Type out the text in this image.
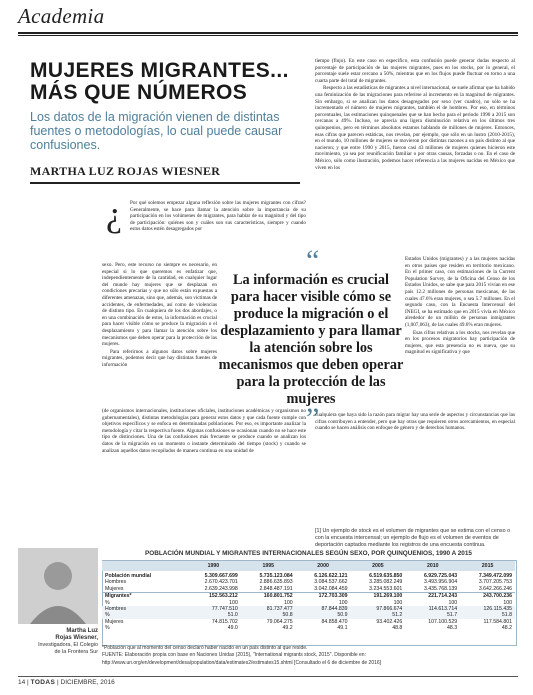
Academia
MUJERES MIGRANTES...
MÁS QUE NÚMEROS
Los datos de la migración vienen de distintas fuentes o metodologías, lo cual puede causar confusiones.
MARTHA LUZ ROJAS WIESNER
¿

tiempo (flujo). En este caso en específico, esta confusión puede generar dudas respecto al porcentaje de participación de las mujeres migrantes, pues en los stocks, por lo general, el porcentaje suele estar cercano a 50%, mientras que en los flujos puede fluctuar en torno a una cuarta parte del total de migrantes.

Respecto a las estadísticas de migrantes a nivel internacional, se suele afirmar que ha habido una feminización de las migraciones para referirse al incremento en la magnitud de migrantes. Sin embargo, si se analizan los datos desagregados por sexo (ver cuadro), no sólo se ha incrementado el número de mujeres migrantes, también el de hombres. Por eso, en términos porcentuales, las estimaciones quinquenales que se han hecho para el periodo 1990 a 2015 son cercanas a 49%. Incluso, se aprecia una ligera disminución relativa en los últimos tres quinquenios, pero en términos absolutos estamos hablando de millones de mujeres. Entonces, esas cifras que parecen estáticas, nos revelan, por ejemplo, que sólo en un lustro (2010-2015), en el mundo, 10 millones de mujeres se movieron por distintas razones a un país distinto al que nacieron; y que entre 1990 y 2015, fueron casi 43 millones de mujeres quienes hicieron este movimiento, ya sea por reunificación familiar o por otras causas, forzadas o no. En el caso de México, sólo como ilustración, podemos hacer referencia a las mujeres nacidas en México que viven en los

Por qué solemos empezar alguna reflexión sobre las mujeres migrantes con cifras? Generalmente, se hace para llamar la atención sobre la importancia de su participación en los volúmenes de migrantes, para hablar de su magnitud y del tipo de participación: quiénes son y cuáles son sus características, siempre y cuando estos datos estén desagregados por

sexo. Pero, este recurso no siempre es necesario, en especial si lo que queremos es enfatizar que, independientemente de la cantidad, en cualquier lugar del mundo hay mujeres que se desplazan en condiciones precarias y que no sólo están expuestas a diferentes amenazas, sino que, además, son víctimas de accidentes, de enfermedades, así como de violencias de distinto tipo. En cualquiera de los dos abordajes, o en una combinación de estos, la información es crucial para hacer visible cómo se produce la migración o el desplazamiento y para llamar la atención sobre los mecanismos que deben operar para la protección de las mujeres.

Para referirnos a algunos datos sobre mujeres migrantes, podemos decir que hay distintas fuentes de información

“
La información es crucial para hacer visible cómo se produce la migración o el desplazamiento y para llamar la atención sobre los mecanismos que deben operar para la protección de las mujeres
”

Estados Unidos (migrantes) y a las mujeres nacidas en otros países que residen en territorio mexicano. En el primer caso, con estimaciones de la Current Population Survey, de la Oficina del Censo de los Estados Unidos, se sabe que para 2015 vivían en ese país 12.2 millones de personas mexicanas, de las cuales 47.6% eran mujeres, o sea 5.7 millones. En el segundo caso, con la Encuesta Intercensal del INEGI, se ha estimado que en 2015 vivía en México alrededor de un millón de personas inmigrantes (1,007,063), de las cuales 49.6% eran mujeres.

Esas cifras relativas a los stocks, nos revelan que en los procesos migratorios hay participación de mujeres, que esta presencia no es nueva, que su magnitud es significativa y que

(de organismos internacionales, instituciones oficiales, instituciones académicas y organismos no gubernamentales), distintas metodologías para generar estos datos y que cada fuente cumple con objetivos específicos y se enfoca en determinadas poblaciones. Por eso, es importante analizar la metodología y citar la respectiva fuente. Algunas confusiones se ocasionan cuando no se hace este tipo de distinciones. Una de las confusiones más frecuente se produce cuando se analizan los datos de la migración en un momento o instante determinado del tiempo (stock) y cuando se analizan aquellos datos recopilados de manera continua en una unidad de

cualquiera que haya sido la razón para migrar hay una serie de aspectos y circunstancias que las cifras contribuyen a entender, pero que hay otras que requieren otros acercamientos, en especial cuando se hacen análisis con enfoque de género y de derechos humanos.

[1] Un ejemplo de stock es el volumen de migrantes que se estima con el censo o con la encuesta intercensal; un ejemplo de flujo es el volumen de eventos de deportación captados mediante los registros de una encuesta continua.
POBLACIÓN MUNDIAL Y MIGRANTES INTERNACIONALES SEGÚN SEXO, POR QUINQUENIOS, 1990 A 2015
	1990	1995	2000	2005	2010	2015
Población mundial	5.309.667.699	5.735.123.084	6.126.622.121	6.519.635.850	6.929.725.043	7.349.472.099
Hombres	2.670.423.701	2.886.635.893	3.084.537.662	3.285.082.249	3.493.956.904	3.707.205.753
Mujeres	2.639.243.998	2.848.487.191	3.042.084.459	3.234.553.601	3.435.768.139	3.642.266.246
Migrantes*	152.563.212	160.801.752	172.703.309	191.269.100	221.714.243	243.700.236
%	100	100	100	100	100	100
Hombres	77.747.510	81.737.477	87.844.839	97.866.674	114.613.714	126.115.435
%	51.0	50.8	50.9	51.2	51.7	51.8
Mujeres	74.815.702	79.064.275	84.858.470	93.402.426	107.100.529	117.584.801
%	49.0	49.2	49.1	48.8	48.3	48.2
*Población que al momento del censo declaró haber nacido en un país distinto al que reside.
FUENTE: Elaboración propia con base en Naciones Unidas (2015), "International migrants stock, 2015". Disponible en:
http://www.un.org/en/development/desa/population/data/estimates2/estimates15.shtml [Consultado el 6 de diciembre de 2016]
Martha Luz
Rojas Wiesner,
Investigadora, El Colegio
de la Frontera Sur
14 | TODAS | DICIEMBRE, 2016
